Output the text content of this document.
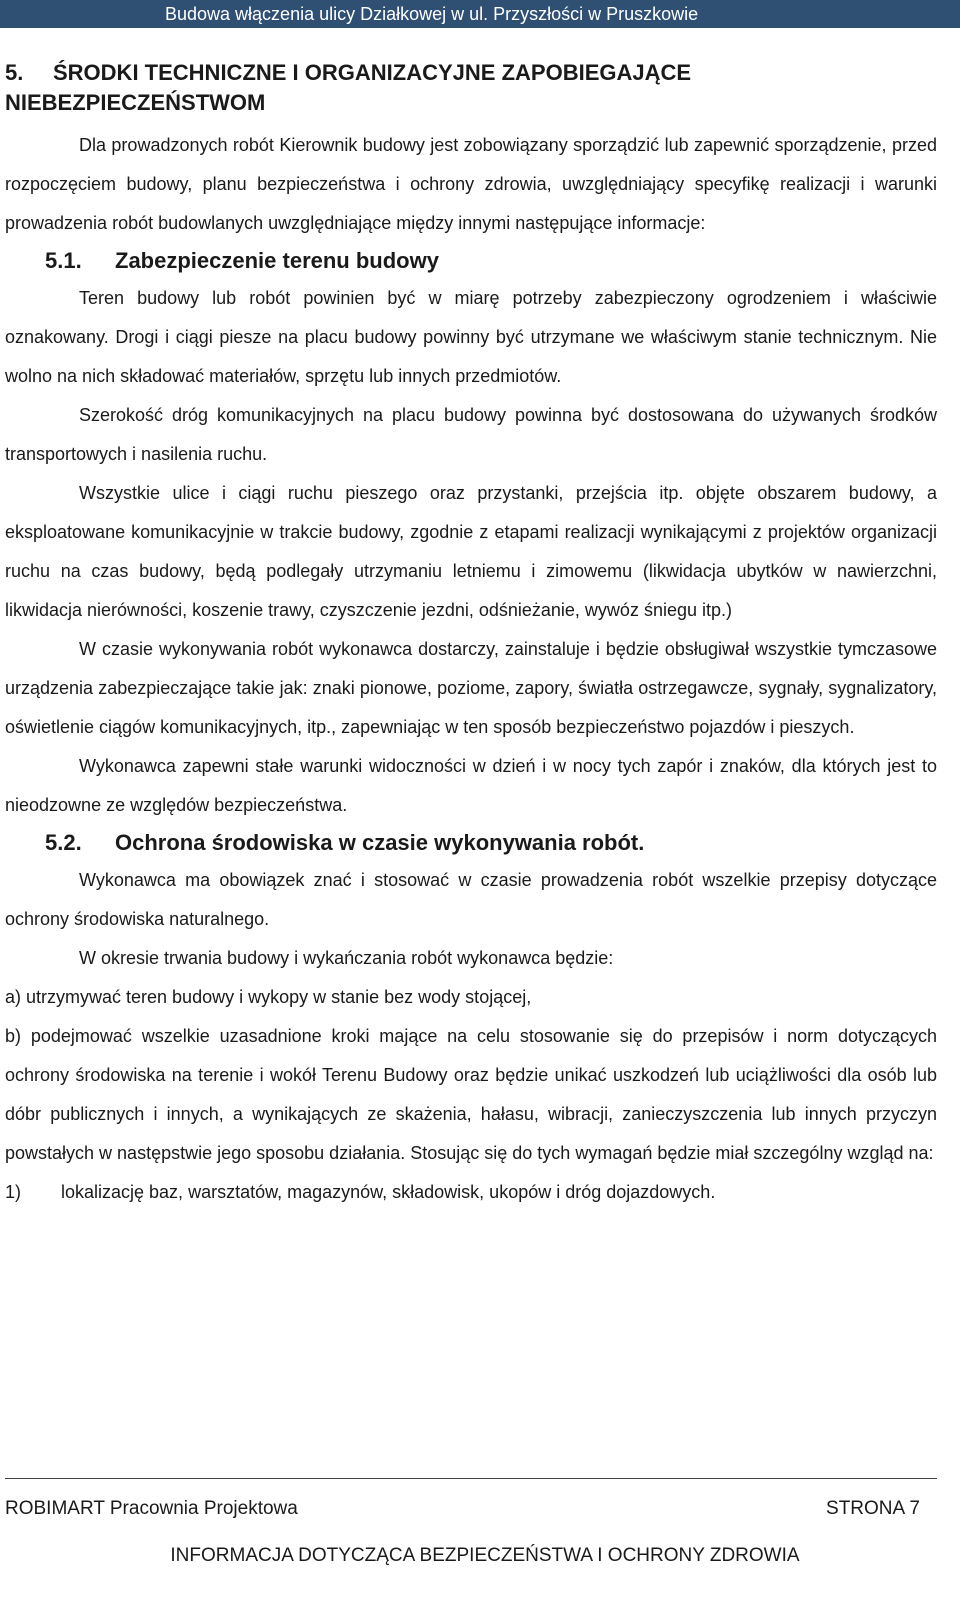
Budowa włączenia ulicy Działkowej w ul. Przyszłości w Pruszkowie
5. ŚRODKI TECHNICZNE I ORGANIZACYJNE ZAPOBIEGAJĄCE NIEBEZPIECZEŃSTWOM

Dla prowadzonych robót Kierownik budowy jest zobowiązany sporządzić lub zapewnić sporządzenie, przed rozpoczęciem budowy, planu bezpieczeństwa i ochrony zdrowia, uwzględniający specyfikę realizacji i warunki prowadzenia robót budowlanych uwzględniające między innymi następujące informacje:

5.1. Zabezpieczenie terenu budowy

Teren budowy lub robót powinien być w miarę potrzeby zabezpieczony ogrodzeniem i właściwie oznakowany. Drogi i ciągi piesze na placu budowy powinny być utrzymane we właściwym stanie technicznym. Nie wolno na nich składować materiałów, sprzętu lub innych przedmiotów.

Szerokość dróg komunikacyjnych na placu budowy powinna być dostosowana do używanych środków transportowych i nasilenia ruchu.

Wszystkie ulice i ciągi ruchu pieszego oraz przystanki, przejścia itp. objęte obszarem budowy, a eksploatowane komunikacyjnie w trakcie budowy, zgodnie z etapami realizacji wynikającymi z projektów organizacji ruchu na czas budowy, będą podlegały utrzymaniu letniemu i zimowemu (likwidacja ubytków w nawierzchni, likwidacja nierówności, koszenie trawy, czyszczenie jezdni, odśnieżanie, wywóz śniegu itp.)

W czasie wykonywania robót wykonawca dostarczy, zainstaluje i będzie obsługiwał wszystkie tymczasowe urządzenia zabezpieczające takie jak: znaki pionowe, poziome, zapory, światła ostrzegawcze, sygnały, sygnalizatory, oświetlenie ciągów komunikacyjnych, itp., zapewniając w ten sposób bezpieczeństwo pojazdów i pieszych.

Wykonawca zapewni stałe warunki widoczności w dzień i w nocy tych zapór i znaków, dla których jest to nieodzowne ze względów bezpieczeństwa.

5.2. Ochrona środowiska w czasie wykonywania robót.

Wykonawca ma obowiązek znać i stosować w czasie prowadzenia robót wszelkie przepisy dotyczące ochrony środowiska naturalnego.

W okresie trwania budowy i wykańczania robót wykonawca będzie:

a) utrzymywać teren budowy i wykopy w stanie bez wody stojącej,

b) podejmować wszelkie uzasadnione kroki mające na celu stosowanie się do przepisów i norm dotyczących ochrony środowiska na terenie i wokół Terenu Budowy oraz będzie unikać uszkodzeń lub uciążliwości dla osób lub dóbr publicznych i innych, a wynikających ze skażenia, hałasu, wibracji, zanieczyszczenia lub innych przyczyn powstałych w następstwie jego sposobu działania. Stosując się do tych wymagań będzie miał szczególny wzgląd na:

1) lokalizację baz, warsztatów, magazynów, składowisk, ukopów i dróg dojazdowych.

ROBIMART Pracownia Projektowa	STRONA 7
INFORMACJA DOTYCZĄCA BEZPIECZEŃSTWA I OCHRONY ZDROWIA
